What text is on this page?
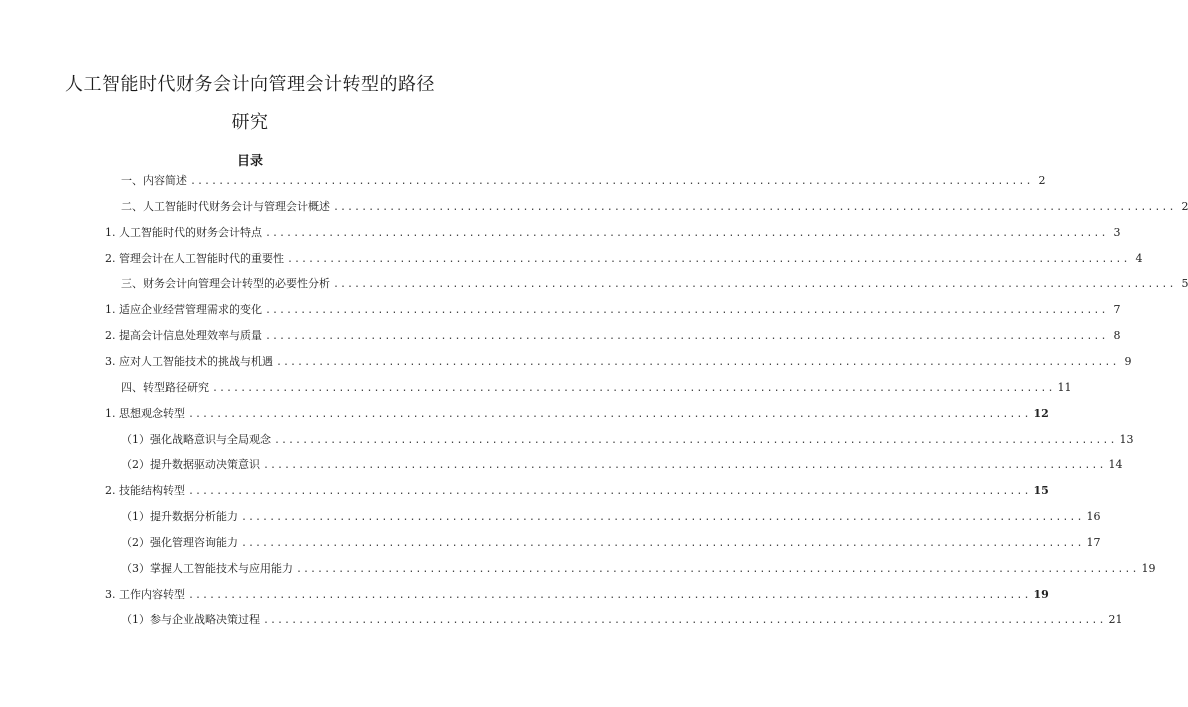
人工智能时代财务会计向管理会计转型的路径
研究
目录
一、内容简述 ........................................................................................................................ 2
二、人工智能时代财务会计与管理会计概述 ........................................................................................................................ 2
1. 人工智能时代的财务会计特点 ........................................................................................................................ 3
2. 管理会计在人工智能时代的重要性 ........................................................................................................................ 4
三、财务会计向管理会计转型的必要性分析 ........................................................................................................................ 5
1. 适应企业经营管理需求的变化 ........................................................................................................................ 7
2. 提高会计信息处理效率与质量 ........................................................................................................................ 8
3. 应对人工智能技术的挑战与机遇 ........................................................................................................................ 9
四、转型路径研究 ........................................................................................................................ 11
1. 思想观念转型 ........................................................................................................................ 12
（1）强化战略意识与全局观念 ........................................................................................................................ 13
（2）提升数据驱动决策意识 ........................................................................................................................ 14
2. 技能结构转型 ........................................................................................................................ 15
（1）提升数据分析能力 ........................................................................................................................ 16
（2）强化管理咨询能力 ........................................................................................................................ 17
（3）掌握人工智能技术与应用能力 ........................................................................................................................ 19
3. 工作内容转型 ........................................................................................................................ 19
（1）参与企业战略决策过程 ........................................................................................................................ 21
